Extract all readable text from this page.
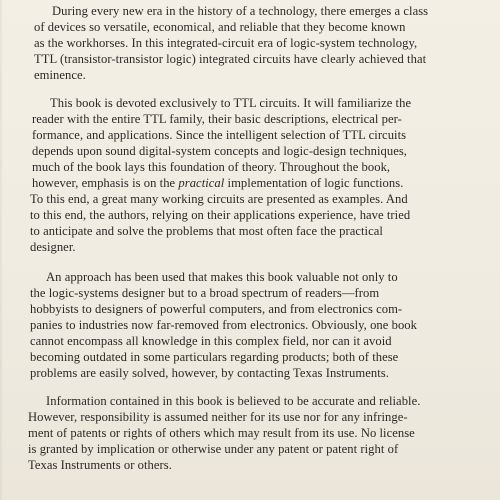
During every new era in the history of a technology, there emerges a class
of devices so versatile, economical, and reliable that they become known
as the workhorses. In this integrated-circuit era of logic-system technology,
TTL (transistor-transistor logic) integrated circuits have clearly achieved that
eminence.
This book is devoted exclusively to TTL circuits. It will familiarize the
reader with the entire TTL family, their basic descriptions, electrical per-
formance, and applications. Since the intelligent selection of TTL circuits
depends upon sound digital-system concepts and logic-design techniques,
much of the book lays this foundation of theory. Throughout the book,
however, emphasis is on the practical implementation of logic functions.
To this end, a great many working circuits are presented as examples. And
to this end, the authors, relying on their applications experience, have tried
to anticipate and solve the problems that most often face the practical
designer.
An approach has been used that makes this book valuable not only to
the logic-systems designer but to a broad spectrum of readers—from
hobbyists to designers of powerful computers, and from electronics com-
panies to industries now far-removed from electronics. Obviously, one book
cannot encompass all knowledge in this complex field, nor can it avoid
becoming outdated in some particulars regarding products; both of these
problems are easily solved, however, by contacting Texas Instruments.
Information contained in this book is believed to be accurate and reliable.
However, responsibility is assumed neither for its use nor for any infringe-
ment of patents or rights of others which may result from its use. No license
is granted by implication or otherwise under any patent or patent right of
Texas Instruments or others.
